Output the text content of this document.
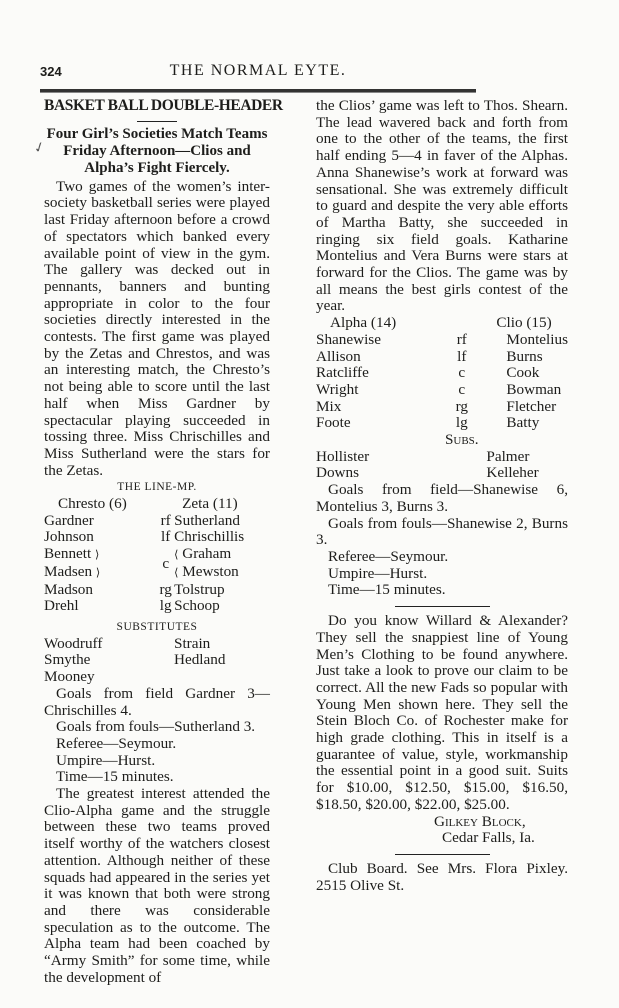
324	THE NORMAL EYTE.
✓

BASKET BALL DOUBLE-HEADER

Four Girl’s Societies Match Teams
Friday Afternoon—Clios and
Alpha’s Fight Fiercely.

Two games of the women’s inter-society basketball series were played last Friday afternoon before a crowd of spectators which banked every available point of view in the gym. The gallery was decked out in pennants, banners and bunting appropriate in color to the four societies directly interested in the contests. The first game was played by the Zetas and Chrestos, and was an interesting match, the Chresto’s not being able to score until the last half when Miss Gardner by spectacular playing succeeded in tossing three. Miss Chrischilles and Miss Sutherland were the stars for the Zetas.

THE LINE-MP.

Chresto (6)		Zeta (11)
Gardner	rf	Sutherland
Johnson	lf	Chrischillis
Bennett ⟩	c	⟨ Graham
Madsen ⟩		⟨ Mewston
Madson	rg	Tolstrup
Drehl	lg	Schoop

SUBSTITUTES

Woodruff	Strain
Smythe	Hedland
Mooney	

Goals from field Gardner 3—Chrischilles 4.

Goals from fouls—Sutherland 3.

Referee—Seymour.

Umpire—Hurst.

Time—15 minutes.

The greatest interest attended the Clio-Alpha game and the struggle between these two teams proved itself worthy of the watchers closest attention. Although neither of these squads had appeared in the series yet it was known that both were strong and there was considerable speculation as to the outcome. The Alpha team had been coached by “Army Smith” for some time, while the development of

the Clios’ game was left to Thos. Shearn. The lead wavered back and forth from one to the other of the teams, the first half ending 5—4 in faver of the Alphas. Anna Shanewise’s work at forward was sensational. She was extremely difficult to guard and despite the very able efforts of Martha Batty, she succeeded in ringing six field goals. Katharine Montelius and Vera Burns were stars at forward for the Clios. The game was by all means the best girls contest of the year.

Alpha (14)		Clio (15)
Shanewise	rf	Montelius
Allison	lf	Burns
Ratcliffe	c	Cook
Wright	c	Bowman
Mix	rg	Fletcher
Foote	lg	Batty
	Subs.	
Hollister		Palmer
Downs		Kelleher

Goals from field—Shanewise 6, Montelius 3, Burns 3.

Goals from fouls—Shanewise 2, Burns 3.

Referee—Seymour.

Umpire—Hurst.

Time—15 minutes.

Do you know Willard & Alexander? They sell the snappiest line of Young Men’s Clothing to be found anywhere. Just take a look to prove our claim to be correct. All the new Fads so popular with Young Men shown here. They sell the Stein Bloch Co. of Rochester make for high grade clothing. This in itself is a guarantee of value, style, workmanship the essential point in a good suit. Suits for $10.00, $12.50, $15.00, $16.50, $18.50, $20.00, $22.00, $25.00.

Gilkey Block,

Cedar Falls, Ia.

Club Board. See Mrs. Flora Pixley. 2515 Olive St.
